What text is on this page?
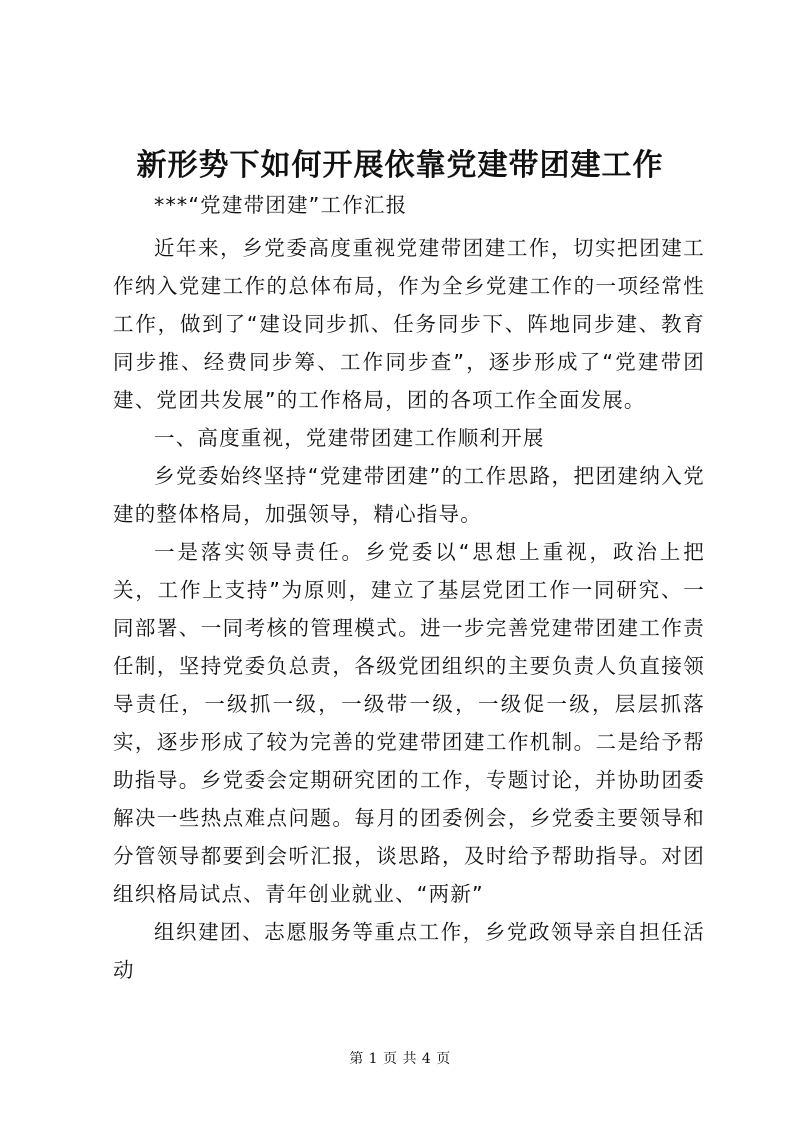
新形势下如何开展依靠党建带团建工作

***“党建带团建”工作汇报

近年来，乡党委高度重视党建带团建工作，切实把团建工作纳入党建工作的总体布局，作为全乡党建工作的一项经常性工作，做到了“建设同步抓、任务同步下、阵地同步建、教育同步推、经费同步筹、工作同步查”，逐步形成了“党建带团建、党团共发展”的工作格局，团的各项工作全面发展。

一、高度重视，党建带团建工作顺利开展

乡党委始终坚持“党建带团建”的工作思路，把团建纳入党建的整体格局，加强领导，精心指导。

一是落实领导责任。乡党委以“思想上重视，政治上把关，工作上支持”为原则，建立了基层党团工作一同研究、一同部署、一同考核的管理模式。进一步完善党建带团建工作责任制，坚持党委负总责，各级党团组织的主要负责人负直接领导责任，一级抓一级，一级带一级，一级促一级，层层抓落实，逐步形成了较为完善的党建带团建工作机制。二是给予帮助指导。乡党委会定期研究团的工作，专题讨论，并协助团委解决一些热点难点问题。每月的团委例会，乡党委主要领导和分管领导都要到会听汇报，谈思路，及时给予帮助指导。对团组织格局试点、青年创业就业、“两新”

组织建团、志愿服务等重点工作，乡党政领导亲自担任活动

第 1 页 共 4 页
